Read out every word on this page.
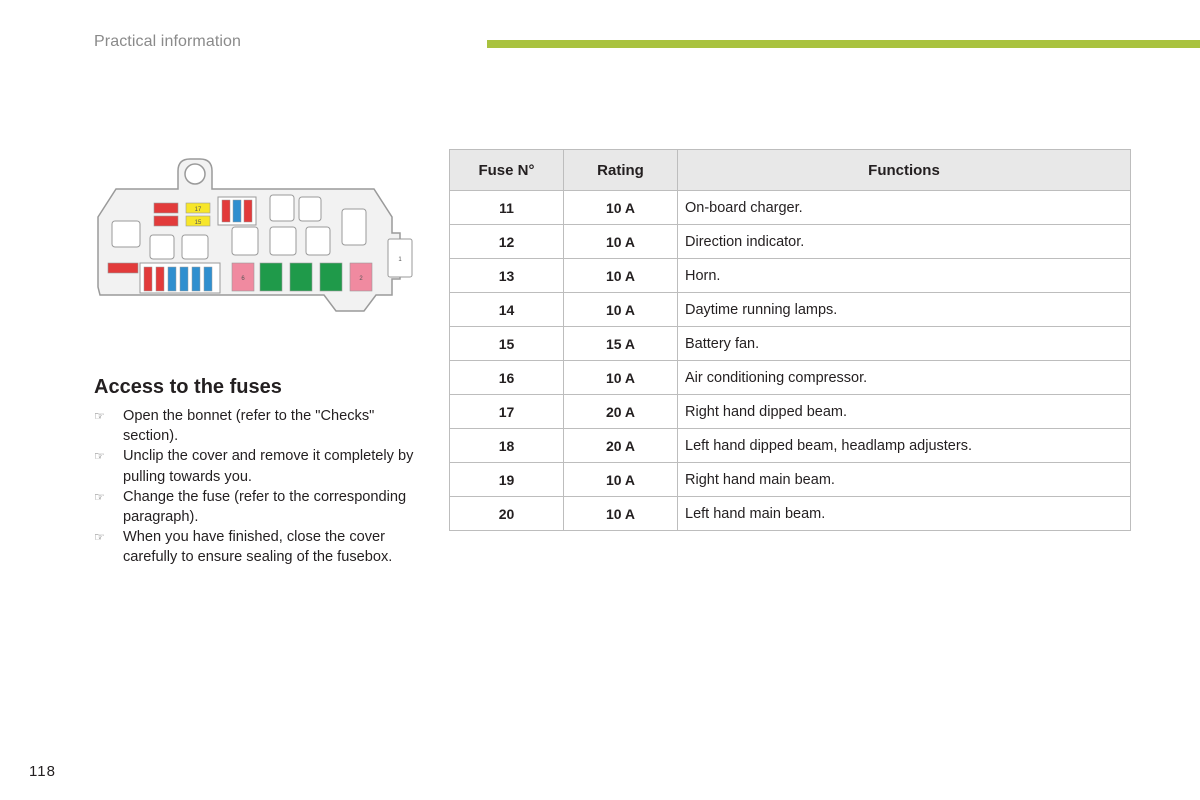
Practical information
1
17
15
6	2
Access to the fuses
☞ Open the bonnet (refer to the "Checks" section).
☞ Unclip the cover and remove it completely by pulling towards you.
☞ Change the fuse (refer to the corresponding paragraph).
☞ When you have finished, close the cover carefully to ensure sealing of the fusebox.
Fuse N°	Rating	Functions
11	10 A	On-board charger.
12	10 A	Direction indicator.
13	10 A	Horn.
14	10 A	Daytime running lamps.
15	15 A	Battery fan.
16	10 A	Air conditioning compressor.
17	20 A	Right hand dipped beam.
18	20 A	Left hand dipped beam, headlamp adjusters.
19	10 A	Right hand main beam.
20	10 A	Left hand main beam.
118
